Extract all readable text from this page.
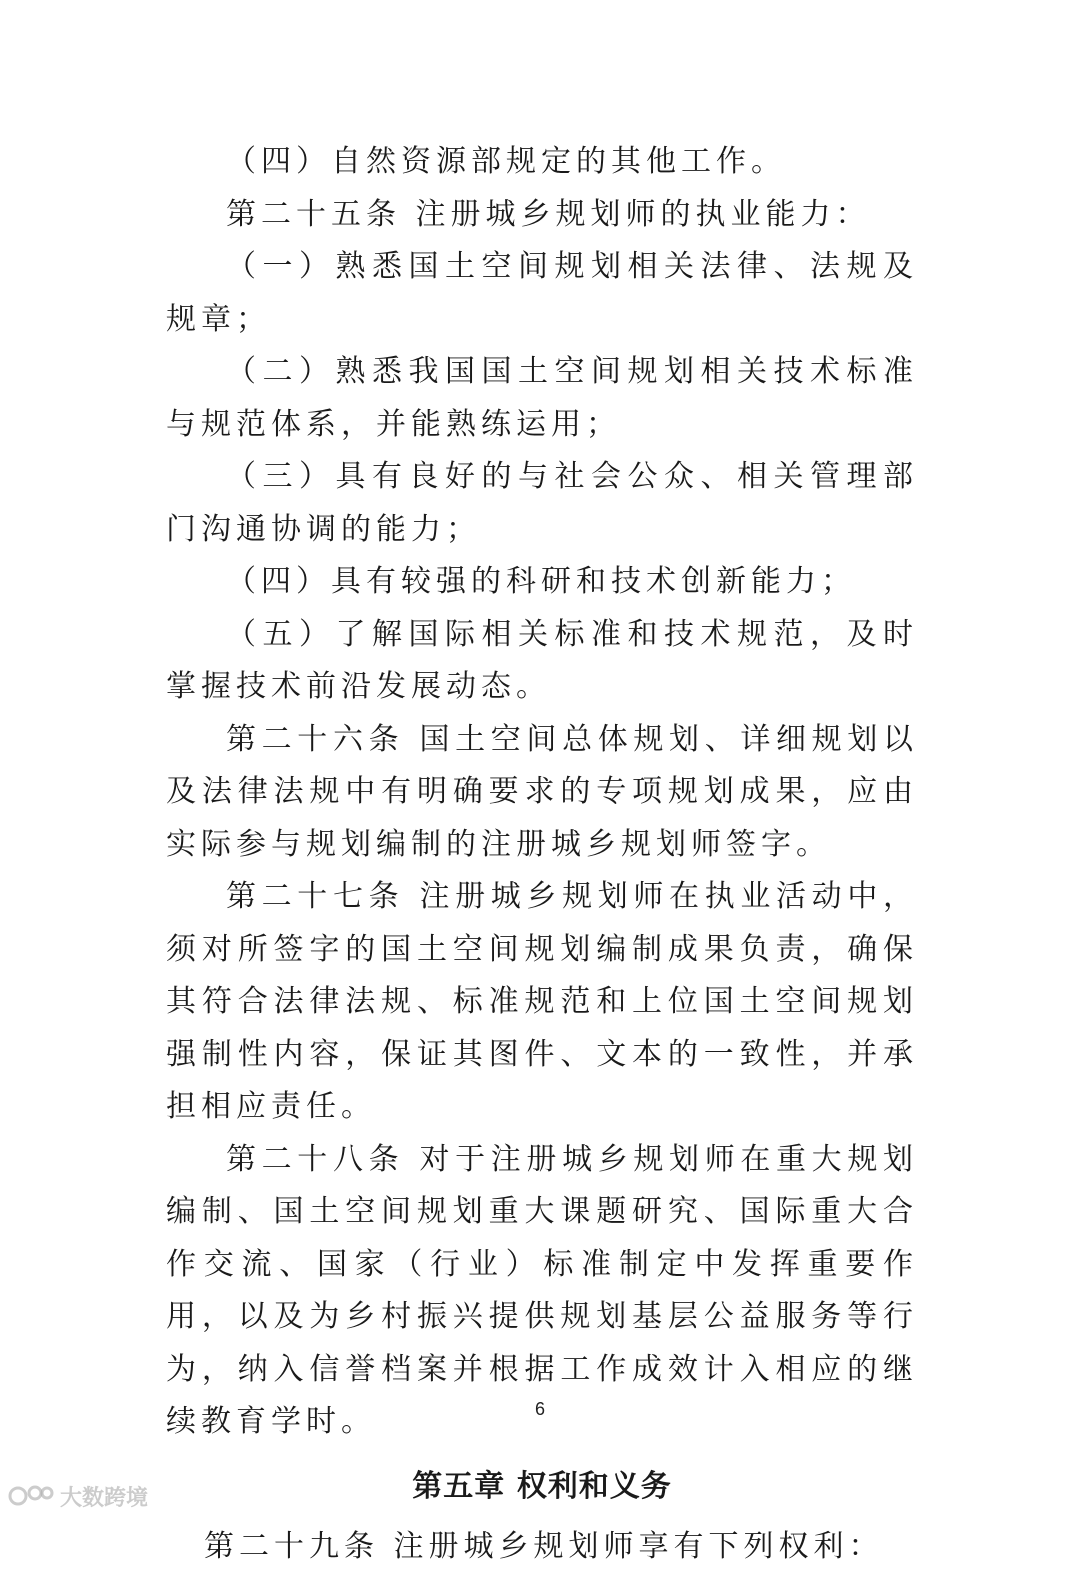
（四）自然资源部规定的其他工作。

第二十五条 注册城乡规划师的执业能力：

（一）熟悉国土空间规划相关法律、法规及规章；

（二）熟悉我国国土空间规划相关技术标准与规范体系，并能熟练运用；

（三）具有良好的与社会公众、相关管理部门沟通协调的能力；

（四）具有较强的科研和技术创新能力；

（五）了解国际相关标准和技术规范，及时掌握技术前沿发展动态。

第二十六条 国土空间总体规划、详细规划以及法律法规中有明确要求的专项规划成果，应由实际参与规划编制的注册城乡规划师签字。

第二十七条 注册城乡规划师在执业活动中，须对所签字的国土空间规划编制成果负责，确保其符合法律法规、标准规范和上位国土空间规划强制性内容，保证其图件、文本的一致性，并承担相应责任。

第二十八条 对于注册城乡规划师在重大规划编制、国土空间规划重大课题研究、国际重大合作交流、国家（行业）标准制定中发挥重要作用，以及为乡村振兴提供规划基层公益服务等行为，纳入信誉档案并根据工作成效计入相应的继续教育学时。

第五章 权利和义务

第二十九条 注册城乡规划师享有下列权利：

6
大数跨境
